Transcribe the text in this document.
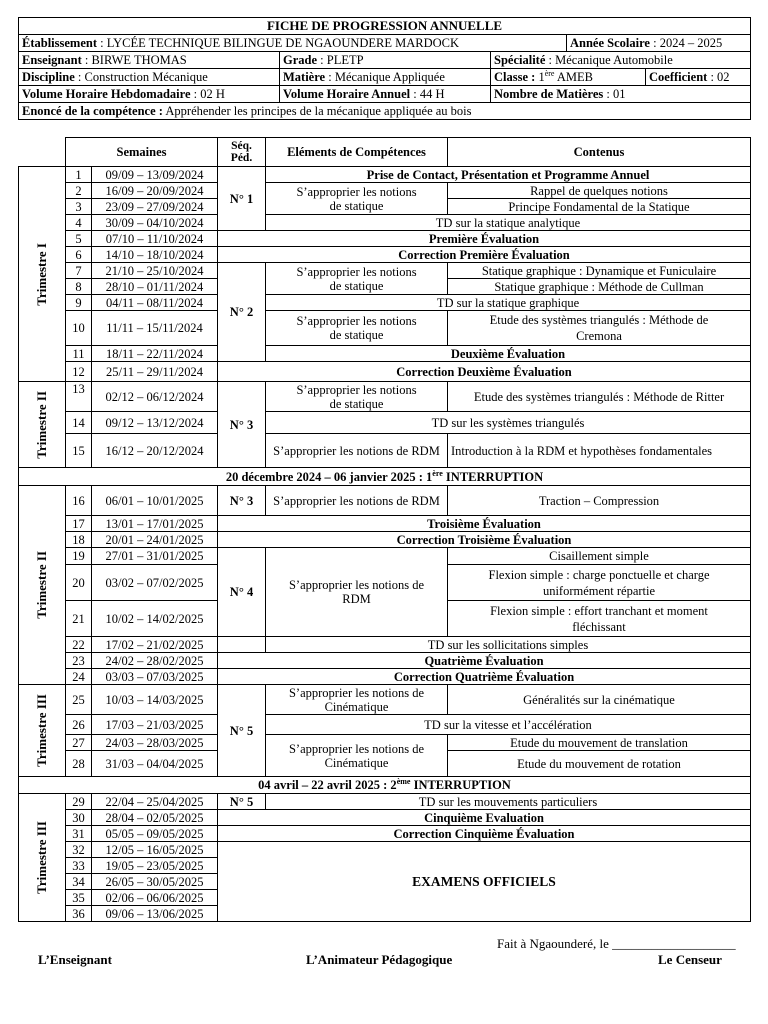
FICHE DE PROGRESSION ANNUELLE				
Établissement : LYCÉE TECHNIQUE BILINGUE DE NGAOUNDERE MARDOCK			Année Scolaire : 2024 – 2025	
Enseignant : BIRWE THOMAS	Grade : PLETP	Spécialité : Mécanique Automobile		
Discipline : Construction Mécanique	Matière : Mécanique Appliquée	Classe : 1ère AMEB		Coefficient : 02
Volume Horaire Hebdomadaire : 02 H	Volume Horaire Annuel : 44 H	Nombre de Matières : 01		
Enoncé de la compétence : Appréhender les principes de la mécanique appliquée au bois				
	Semaines		Séq.
Péd.	Eléments de Compétences	Contenus

Trimestre I	1	09/09 – 13/09/2024	N° 1	Prise de Contact, Présentation et Programme Annuel	
	2	16/09 – 20/09/2024		S’approprier les notions de statique	Rappel de quelques notions
	3	23/09 – 27/09/2024			Principe Fondamental de la Statique
	4	30/09 – 04/10/2024		TD sur la statique analytique	
	5	07/10 – 11/10/2024	Première Évaluation		
	6	14/10 – 18/10/2024	Correction Première Évaluation		
	7	21/10 – 25/10/2024	N° 2	S’approprier les notions de statique	Statique graphique : Dynamique et Funiculaire
	8	28/10 – 01/11/2024			Statique graphique : Méthode de Cullman
	9	04/11 – 08/11/2024		TD sur la statique graphique	
	10	11/11 – 15/11/2024		S’approprier les notions de statique	Etude des systèmes triangulés : Méthode de Cremona
	11	18/11 – 22/11/2024		Deuxième Évaluation	
	12	25/11 – 29/11/2024	Correction Deuxième Évaluation		

Trimestre II	13	02/12 – 06/12/2024	N° 3	S’approprier les notions de statique	Etude des systèmes triangulés : Méthode de Ritter
	14	09/12 – 13/12/2024		TD sur les systèmes triangulés	
	15	16/12 – 20/12/2024		S’approprier les notions de RDM	Introduction à la RDM et hypothèses fondamentales
20 décembre 2024 – 06 janvier 2025 : 1ère INTERRUPTION					

Trimestre II	16	06/01 – 10/01/2025	N° 3	S’approprier les notions de RDM	Traction – Compression
	17	13/01 – 17/01/2025	Troisième Évaluation		
	18	20/01 – 24/01/2025	Correction Troisième Évaluation		
	19	27/01 – 31/01/2025	N° 4	S’approprier les notions de RDM	Cisaillement simple
	20	03/02 – 07/02/2025			Flexion simple : charge ponctuelle et charge uniformément répartie
	21	10/02 – 14/02/2025			Flexion simple : effort tranchant et moment fléchissant
	22	17/02 – 21/02/2025		TD sur les sollicitations simples	
	23	24/02 – 28/02/2025	Quatrième Évaluation		
	24	03/03 – 07/03/2025	Correction Quatrième Évaluation		

Trimestre III	25	10/03 – 14/03/2025	N° 5	S’approprier les notions de Cinématique	Généralités sur la cinématique
	26	17/03 – 21/03/2025		TD sur la vitesse et l’accélération	
	27	24/03 – 28/03/2025		S’approprier les notions de Cinématique	Etude du mouvement de translation
	28	31/03 – 04/04/2025			Etude du mouvement de rotation
04 avril – 22 avril 2025 : 2ème INTERRUPTION					

Trimestre III	29	22/04 – 25/04/2025	N° 5	TD sur les mouvements particuliers	
	30	28/04 – 02/05/2025	Cinquième Evaluation		
	31	05/05 – 09/05/2025	Correction Cinquième Évaluation		
	32	12/05 – 16/05/2025	EXAMENS OFFICIELS		
	33	19/05 – 23/05/2025			
	34	26/05 – 30/05/2025			
	35	02/06 – 06/06/2025			
	36	09/06 – 13/06/2025			
Fait à Ngaounderé, le ___________________
L’Enseignant	L’Animateur Pédagogique	Le Censeur
